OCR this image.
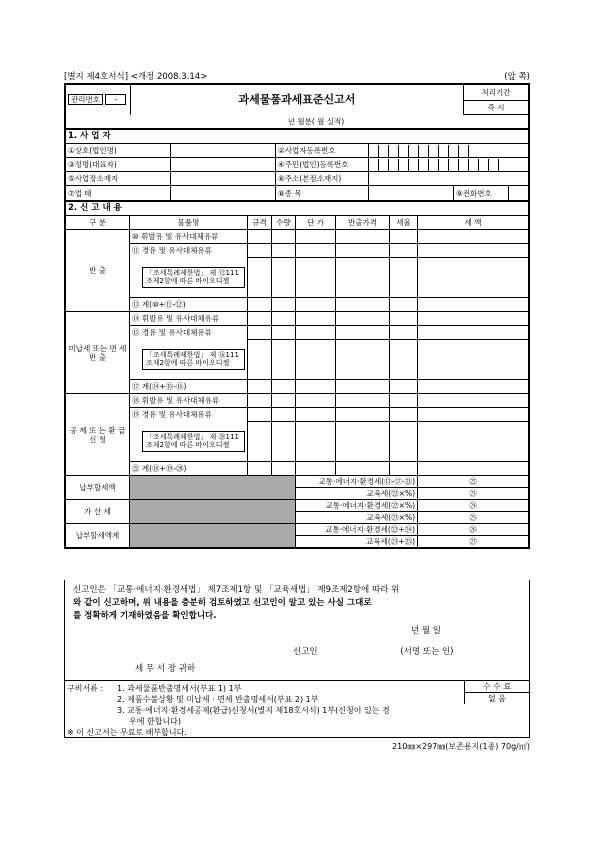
[별지 제4호서식] <개정 2008.3.14>	(앞 쪽)
관리번호 -	과세물품과세표준신고서	처리기간
즉 시
년 월분( 월 실적)
1. 사 업 자
①상호(법인명)		②사업자등록번호	

③성명(대표자)		④주민(법인)등록번호	

⑤사업장소재지		⑥주소(본점소재지)	
⑦업 태		⑧종 목	
		⑨전화번호	
2. 신 고 내 용							
구 분	물품명	규격	수량	단 가	반출가격	세율	세 액
반 출	⑩ 휘발유 및 유사대체유류						
	⑪ 경유 및 유사대체유류						

	「조세특례제한법」 제 ⑫111조제2항에 따른 바이오디젤						

	⑬ 계(⑩+⑪-⑫)						
미납세 또는 면 세 반 출	⑭ 휘발유 및 유사대체유류						
	⑮ 경유 및 유사대체유류						

	「조세특례제한법」 제 ⑯111조제2항에 따른 바이오디젤						

	⑰ 계(⑭+⑮-⑯)						
공 제 또 는 환 급 신 청	⑱ 휘발유 및 유사대체유류						
	⑲ 경유 및 유사대체유류						

	「조세특례제한법」 제 ⑳111조제2항에 따른 바이오디젤						

	㉑ 계(⑱+⑲-⑳)						
납부할세액				교통·에너지·환경세(⑬-⑰-㉑)			㉒
				교육세(㉒×%)			㉓
가 산 세				교통·에너지·환경세(㉒×%)			㉔
				교육세(㉓×%)			㉕
납부할세액계				교통·에너지·환경세(㉒+㉔)			㉖
				교육세(㉓+㉕)			㉗

신고인은 「교통·에너지·환경세법」 제7조제1항 및 「교육세법」 제9조제2항에 따라 위

와 같이 신고하며, 위 내용을 충분히 검토하였고 신고인이 알고 있는 사실 그대로

를 정확하게 기재하였음을 확인합니다.

년 월 일

신고인	(서명 또는 인)

세 무 서 장 귀하

구비서류 : 1. 과세물품반출명세서(부표 1) 1부
2. 제품수불상황 및 미납세 · 면세 반출명세서(부표 2) 1부
3. 교통·에너지·환경세공제(환급)신청서(별지 제18호서식) 1부(신청이 있는 경
우에 한합니다)
※ 이 신고서는 무료로 배부합니다.
수 수 료
없 음
210㎜×297㎜(보존용지(1종) 70g/㎡)
